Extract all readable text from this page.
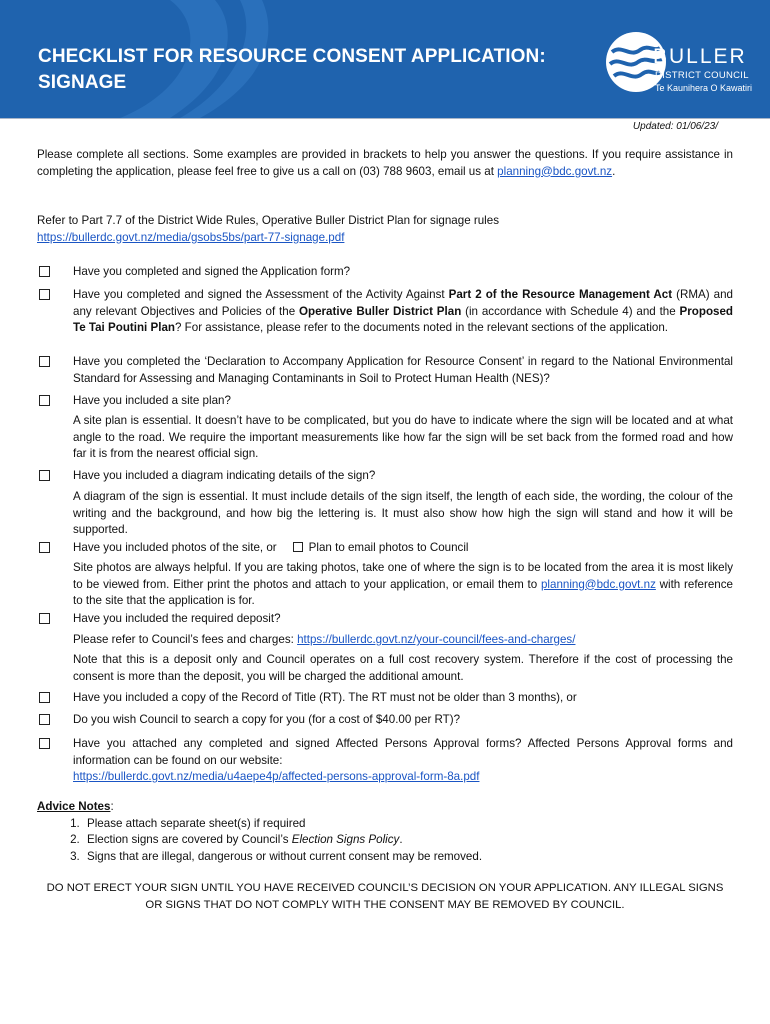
CHECKLIST FOR RESOURCE CONSENT APPLICATION:
SIGNAGE
BULLER
DISTRICT COUNCIL
Te Kaunihera O Kawatiri
Updated: 01/06/23/
Please complete all sections. Some examples are provided in brackets to help you answer the questions. If you require assistance in completing the application, please feel free to give us a call on (03) 788 9603, email us at planning@bdc.govt.nz.
Refer to Part 7.7 of the District Wide Rules, Operative Buller District Plan for signage rules
https://bullerdc.govt.nz/media/gsobs5bs/part-77-signage.pdf
Have you completed and signed the Application form?
Have you completed and signed the Assessment of the Activity Against Part 2 of the Resource Management Act (RMA) and any relevant Objectives and Policies of the Operative Buller District Plan (in accordance with Schedule 4) and the Proposed Te Tai Poutini Plan? For assistance, please refer to the documents noted in the relevant sections of the application.
Have you completed the ‘Declaration to Accompany Application for Resource Consent’ in regard to the National Environmental Standard for Assessing and Managing Contaminants in Soil to Protect Human Health (NES)?
Have you included a site plan?
A site plan is essential. It doesn’t have to be complicated, but you do have to indicate where the sign will be located and at what angle to the road. We require the important measurements like how far the sign will be set back from the formed road and how far it is from the nearest official sign.
Have you included a diagram indicating details of the sign?
A diagram of the sign is essential. It must include details of the sign itself, the length of each side, the wording, the colour of the writing and the background, and how big the lettering is. It must also show how high the sign will stand and how it will be supported.
Have you included photos of the site, or	Plan to email photos to Council
Site photos are always helpful. If you are taking photos, take one of where the sign is to be located from the area it is most likely to be viewed from. Either print the photos and attach to your application, or email them to planning@bdc.govt.nz with reference to the site that the application is for.
Have you included the required deposit?
Please refer to Council’s fees and charges: https://bullerdc.govt.nz/your-council/fees-and-charges/
Note that this is a deposit only and Council operates on a full cost recovery system. Therefore if the cost of processing the consent is more than the deposit, you will be charged the additional amount.
Have you included a copy of the Record of Title (RT). The RT must not be older than 3 months), or
Do you wish Council to search a copy for you (for a cost of $40.00 per RT)?
Have you attached any completed and signed Affected Persons Approval forms? Affected Persons Approval forms and information can be found on our website:
https://bullerdc.govt.nz/media/u4aepe4p/affected-persons-approval-form-8a.pdf
Advice Notes:
1. Please attach separate sheet(s) if required
2. Election signs are covered by Council’s Election Signs Policy.
3. Signs that are illegal, dangerous or without current consent may be removed.
DO NOT ERECT YOUR SIGN UNTIL YOU HAVE RECEIVED COUNCIL’S DECISION ON YOUR APPLICATION. ANY ILLEGAL SIGNS OR SIGNS THAT DO NOT COMPLY WITH THE CONSENT MAY BE REMOVED BY COUNCIL.
